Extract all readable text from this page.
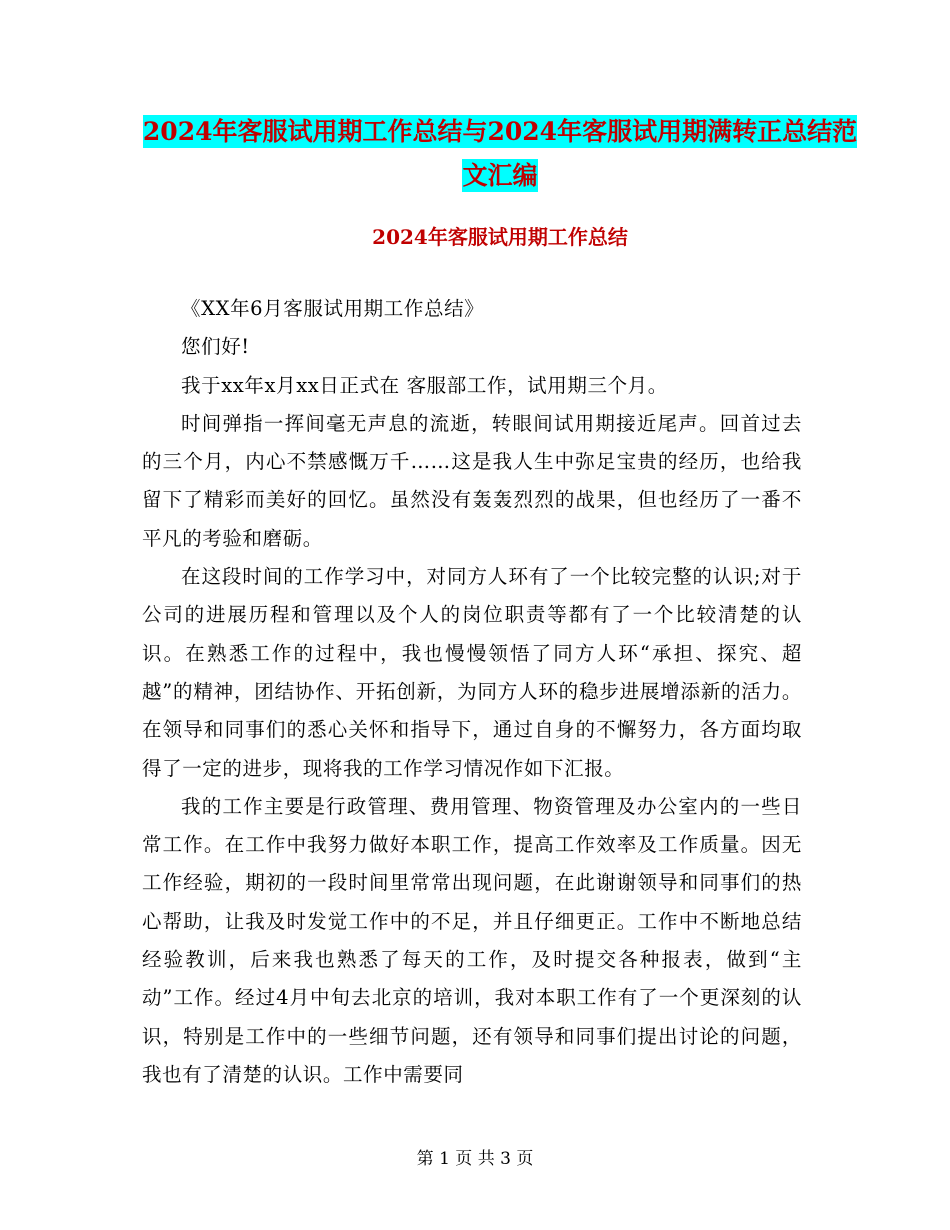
2024年客服试用期工作总结与2024年客服试用期满转正总结范文汇编
2024年客服试用期工作总结

《XX年6月客服试用期工作总结》

您们好!

我于xx年x月xx日正式在 客服部工作，试用期三个月。

时间弹指一挥间毫无声息的流逝，转眼间试用期接近尾声。回首过去的三个月，内心不禁感慨万千……这是我人生中弥足宝贵的经历，也给我留下了精彩而美好的回忆。虽然没有轰轰烈烈的战果，但也经历了一番不平凡的考验和磨砺。

在这段时间的工作学习中，对同方人环有了一个比较完整的认识;对于公司的进展历程和管理以及个人的岗位职责等都有了一个比较清楚的认识。在熟悉工作的过程中，我也慢慢领悟了同方人环“承担、探究、超越”的精神，团结协作、开拓创新，为同方人环的稳步进展增添新的活力。在领导和同事们的悉心关怀和指导下，通过自身的不懈努力，各方面均取得了一定的进步，现将我的工作学习情况作如下汇报。

我的工作主要是行政管理、费用管理、物资管理及办公室内的一些日常工作。在工作中我努力做好本职工作，提高工作效率及工作质量。因无工作经验，期初的一段时间里常常出现问题，在此谢谢领导和同事们的热心帮助，让我及时发觉工作中的不足，并且仔细更正。工作中不断地总结经验教训，后来我也熟悉了每天的工作，及时提交各种报表，做到“主动”工作。经过4月中旬去北京的培训，我对本职工作有了一个更深刻的认识，特别是工作中的一些细节问题，还有领导和同事们提出讨论的问题，我也有了清楚的认识。工作中需要同

第 1 页 共 3 页
